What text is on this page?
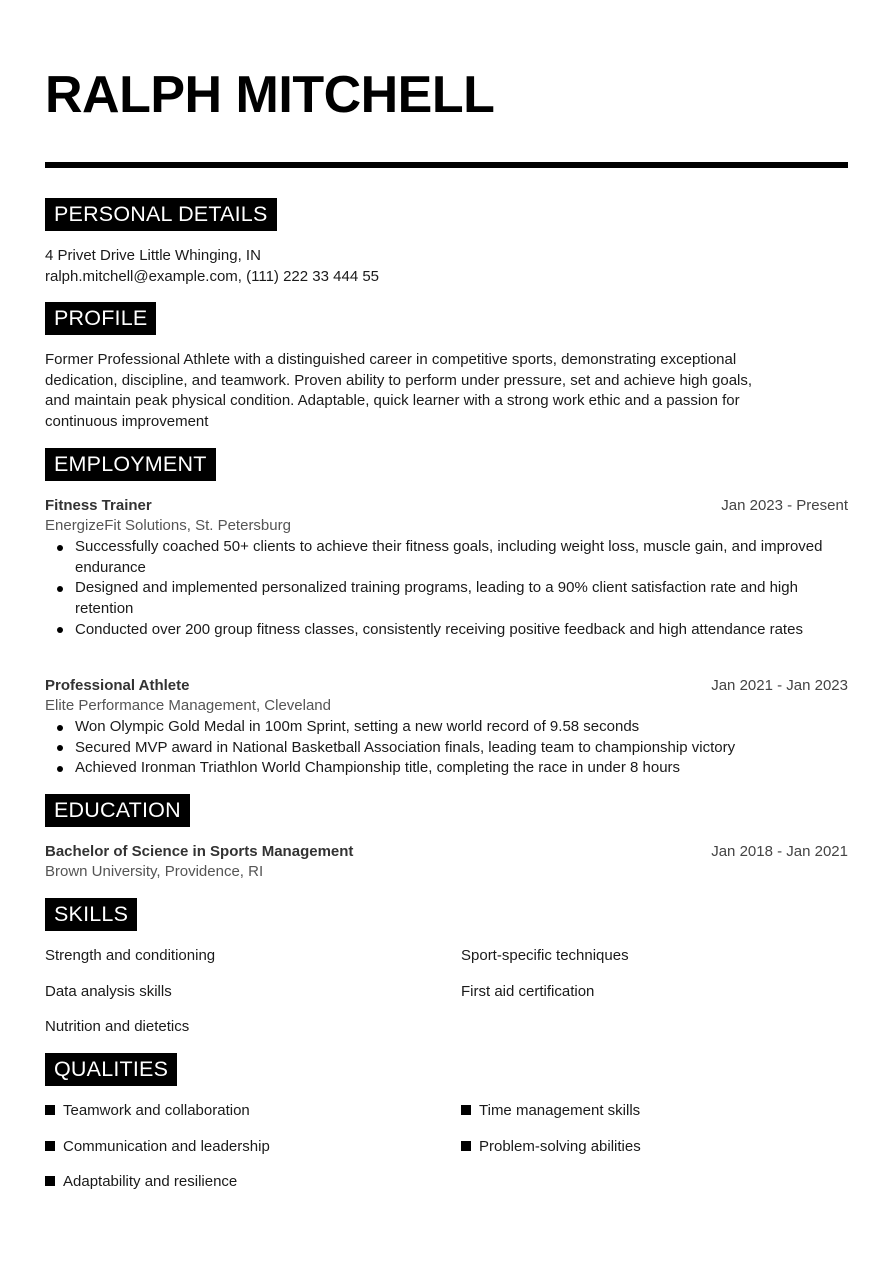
RALPH MITCHELL
PERSONAL DETAILS
4 Privet Drive Little Whinging, IN
ralph.mitchell@example.com, (111) 222 33 444 55
PROFILE
Former Professional Athlete with a distinguished career in competitive sports, demonstrating exceptional
dedication, discipline, and teamwork. Proven ability to perform under pressure, set and achieve high goals,
and maintain peak physical condition. Adaptable, quick learner with a strong work ethic and a passion for
continuous improvement
EMPLOYMENT
Fitness Trainer	Jan 2023 - Present
EnergizeFit Solutions, St. Petersburg
Successfully coached 50+ clients to achieve their fitness goals, including weight loss, muscle gain, and improved endurance
Designed and implemented personalized training programs, leading to a 90% client satisfaction rate and high retention
Conducted over 200 group fitness classes, consistently receiving positive feedback and high attendance rates
Professional Athlete	Jan 2021 - Jan 2023
Elite Performance Management, Cleveland
Won Olympic Gold Medal in 100m Sprint, setting a new world record of 9.58 seconds
Secured MVP award in National Basketball Association finals, leading team to championship victory
Achieved Ironman Triathlon World Championship title, completing the race in under 8 hours
EDUCATION
Bachelor of Science in Sports Management	Jan 2018 - Jan 2021
Brown University, Providence, RI
SKILLS
Strength and conditioning	Sport-specific techniques
Data analysis skills	First aid certification
Nutrition and dietetics
QUALITIES
Teamwork and collaboration	Time management skills
Communication and leadership	Problem-solving abilities
Adaptability and resilience
